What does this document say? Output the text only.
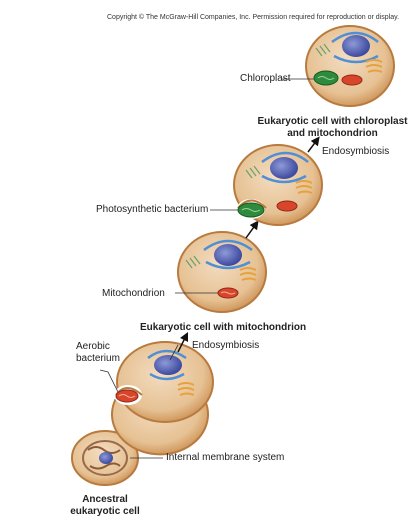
Copyright © The McGraw-Hill Companies, Inc. Permission required for reproduction or display.
Chloroplast
Eukaryotic cell with chloroplast
and mitochondrion
Endosymbiosis
Photosynthetic bacterium
Mitochondrion
Eukaryotic cell with mitochondrion
Endosymbiosis
Aerobic
bacterium
Internal membrane system
Ancestral
eukaryotic cell
